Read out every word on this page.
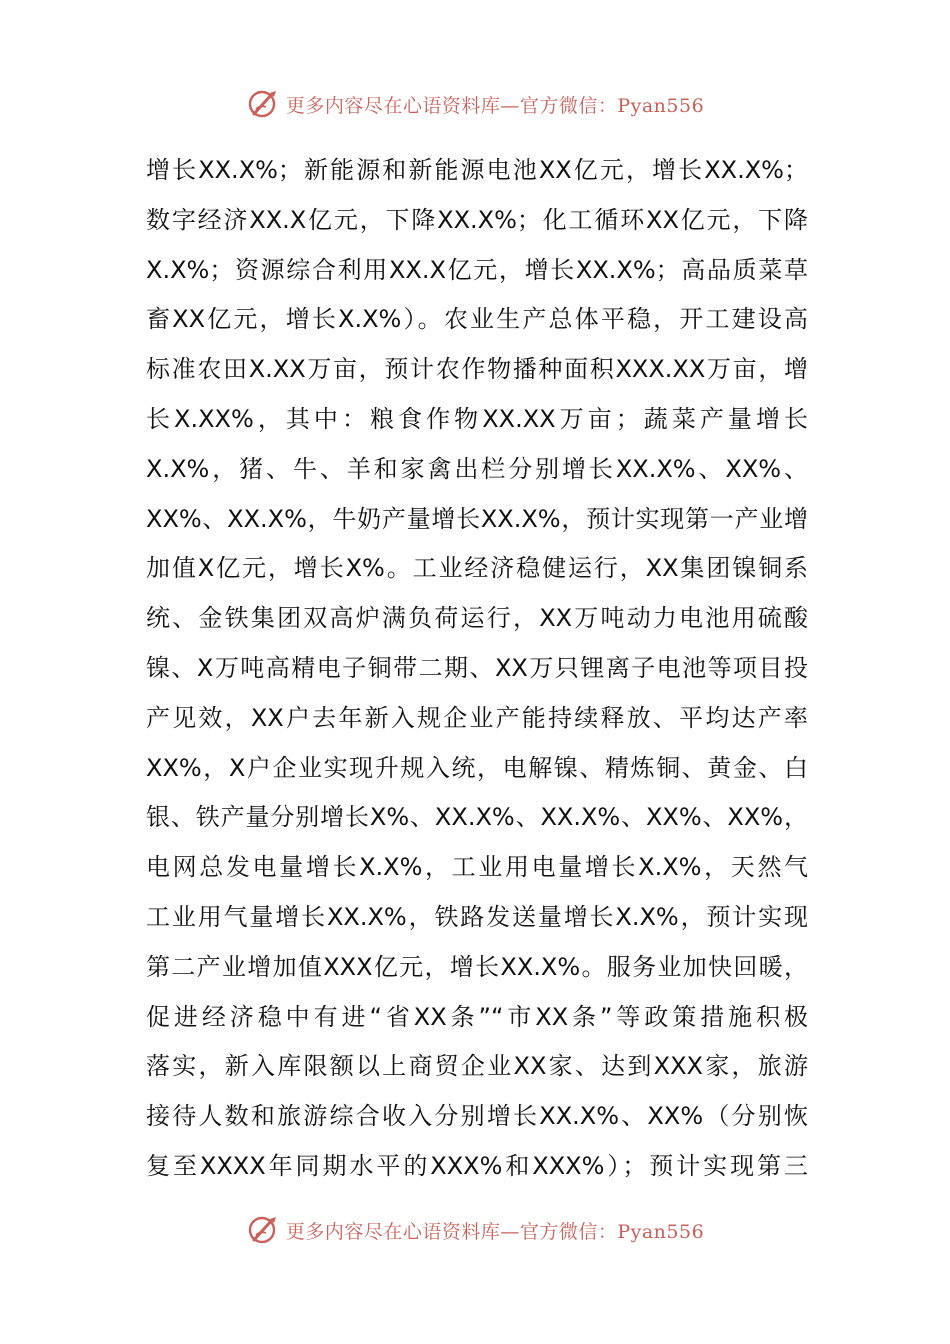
更多内容尽在心语资料库—官方微信：Pyan556
增长XX.X%；新能源和新能源电池XX亿元，增长XX.X%；
数字经济XX.X亿元，下降XX.X%；化工循环XX亿元，下降
X.X%；资源综合利用XX.X亿元，增长XX.X%；高品质菜草
畜XX亿元，增长X.X%）。农业生产总体平稳，开工建设高
标准农田X.XX万亩，预计农作物播种面积XXX.XX万亩，增
长X.XX%，其中：粮食作物XX.XX万亩；蔬菜产量增长
X.X%，猪、牛、羊和家禽出栏分别增长XX.X%、XX%、
XX%、XX.X%，牛奶产量增长XX.X%，预计实现第一产业增
加值X亿元，增长X%。工业经济稳健运行，XX集团镍铜系
统、金铁集团双高炉满负荷运行，XX万吨动力电池用硫酸
镍、X万吨高精电子铜带二期、XX万只锂离子电池等项目投
产见效，XX户去年新入规企业产能持续释放、平均达产率
XX%，X户企业实现升规入统，电解镍、精炼铜、黄金、白
银、铁产量分别增长X%、XX.X%、XX.X%、XX%、XX%，
电网总发电量增长X.X%，工业用电量增长X.X%，天然气
工业用气量增长XX.X%，铁路发送量增长X.X%，预计实现
第二产业增加值XXX亿元，增长XX.X%。服务业加快回暖，
促进经济稳中有进“省XX条”“市XX条”等政策措施积极
落实，新入库限额以上商贸企业XX家、达到XXX家，旅游
接待人数和旅游综合收入分别增长XX.X%、XX%（分别恢
复至XXXX年同期水平的XXX%和XXX%）；预计实现第三
更多内容尽在心语资料库—官方微信：Pyan556
